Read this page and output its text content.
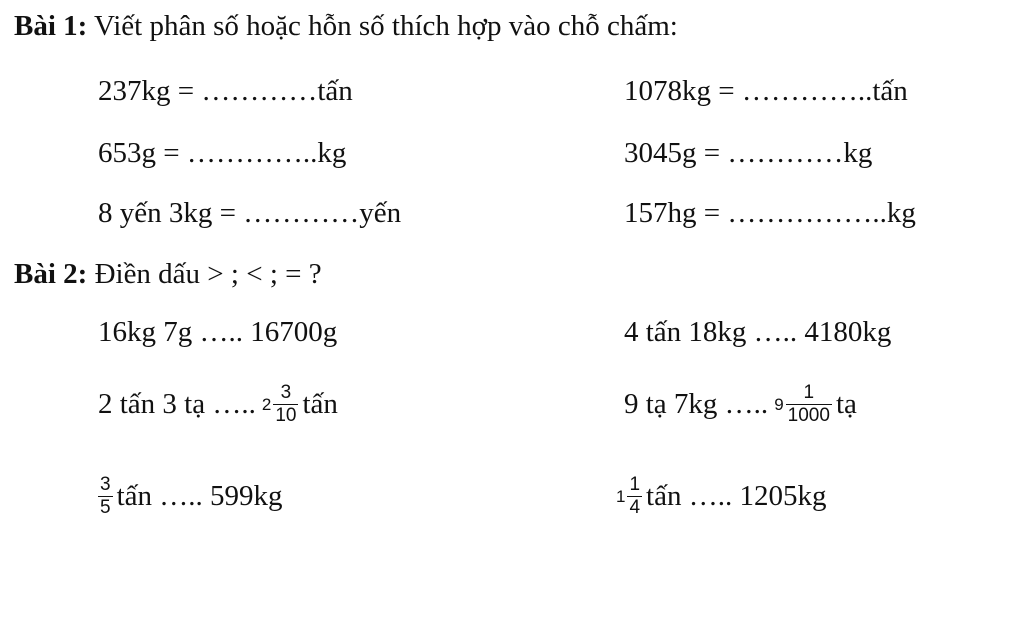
Bài 1: Viết phân số hoặc hỗn số thích hợp vào chỗ chấm:
237kg = …………tấn	1078kg = …………..tấn
653g = …………..kg	3045g = …………kg
8 yến 3kg = …………yến	157hg = ……………..kg
Bài 2: Điền dấu > ; < ; = ?
16kg 7g ….. 16700g	4 tấn 18kg ….. 4180kg
2 tấn 3 tạ ….. $2 \frac{3}{10}$ tấn	9 tạ 7kg ….. $9 \frac{1}{1000}$ tạ
$\frac{3}{5}$ tấn ….. 599kg	$1 \frac{1}{4}$ tấn ….. 1205kg
